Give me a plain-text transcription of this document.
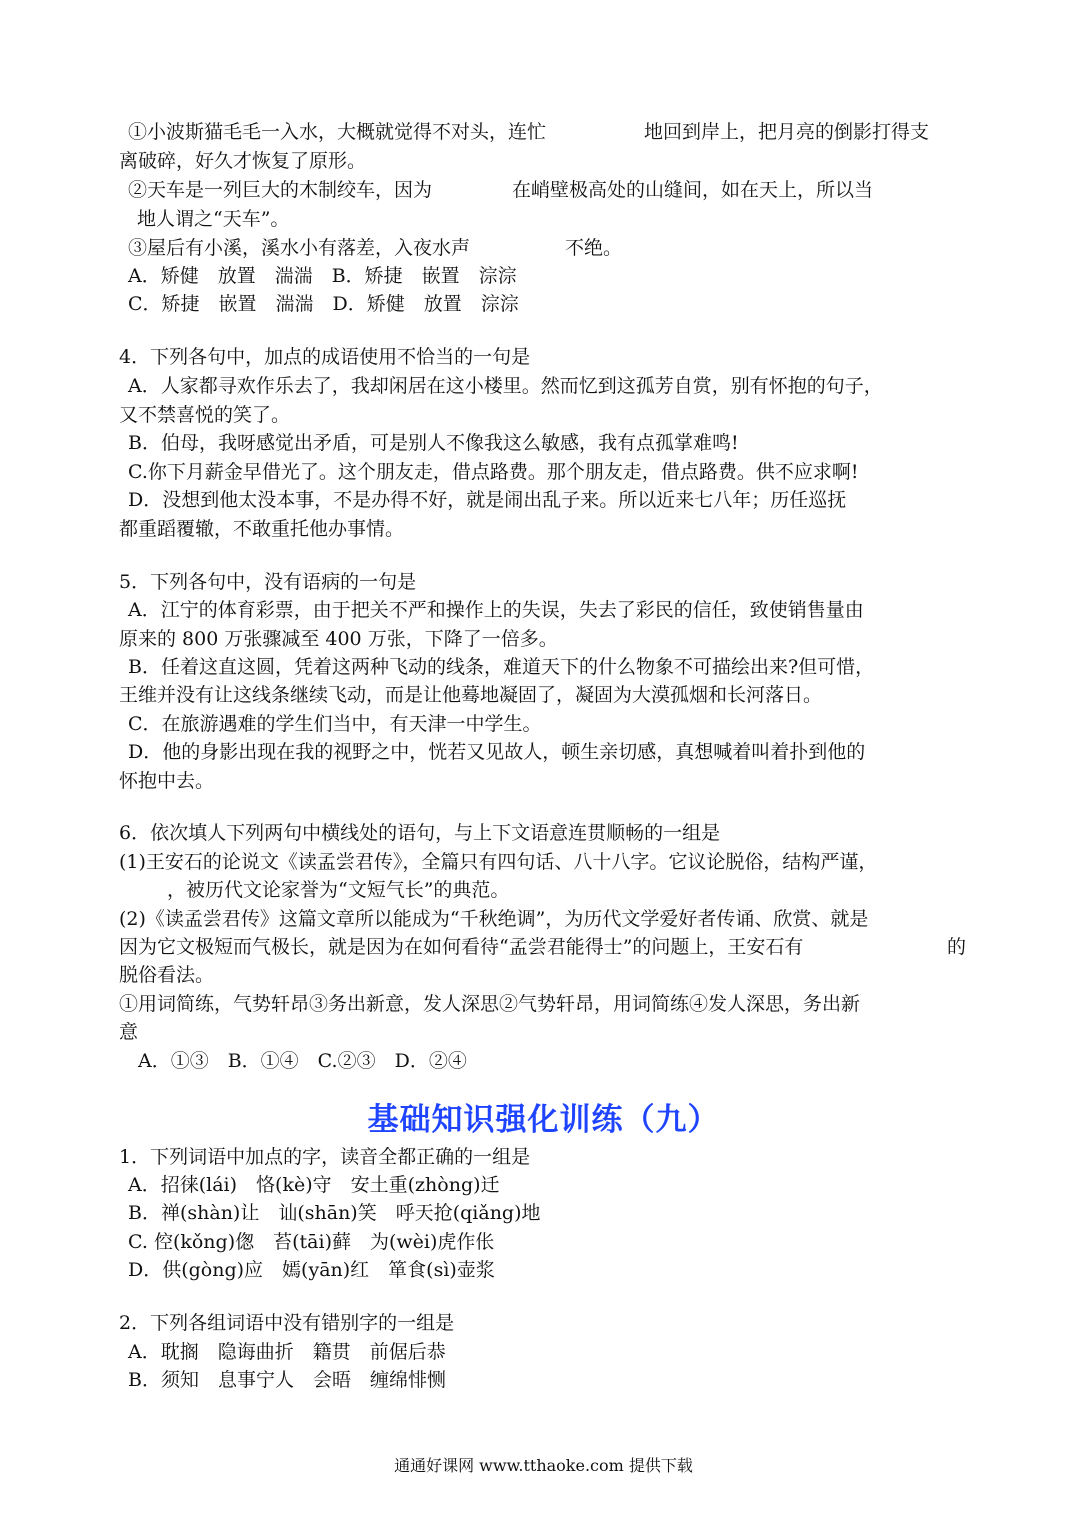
①小波斯猫毛毛一入水，大概就觉得不对头，连忙	地回到岸上，把月亮的倒影打得支
离破碎，好久才恢复了原形。
②天车是一列巨大的木制绞车，因为	在峭壁极高处的山缝间，如在天上，所以当
地人谓之“天车”。
③屋后有小溪，溪水小有落差，入夜水声	不绝。
A．矫健　放置　湍湍　B．矫捷　嵌置　淙淙
C．矫捷　嵌置　湍湍　D．矫健　放置　淙淙
4．下列各句中，加点的成语使用不恰当的一句是
A．人家都寻欢作乐去了，我却闲居在这小楼里。然而忆到这孤芳自赏，别有怀抱的句子，
又不禁喜悦的笑了。
B．伯母，我呀感觉出矛盾，可是别人不像我这么敏感，我有点孤掌难鸣!
C.你下月薪金早借光了。这个朋友走，借点路费。那个朋友走，借点路费。供不应求啊!
D．没想到他太没本事，不是办得不好，就是闹出乱子来。所以近来七八年；历任巡抚
都重蹈覆辙，不敢重托他办事情。
5．下列各句中，没有语病的一句是
A．江宁的体育彩票，由于把关不严和操作上的失误，失去了彩民的信任，致使销售量由
原来的 800 万张骤减至 400 万张，下降了一倍多。
B．任着这直这圆，凭着这两种飞动的线条，难道天下的什么物象不可描绘出来?但可惜，
王维并没有让这线条继续飞动，而是让他蓦地凝固了，凝固为大漠孤烟和长河落日。
C．在旅游遇难的学生们当中，有天津一中学生。
D．他的身影出现在我的视野之中，恍若又见故人，顿生亲切感，真想喊着叫着扑到他的
怀抱中去。
6．依次填人下列两句中横线处的语句，与上下文语意连贯顺畅的一组是
(1)王安石的论说文《读孟尝君传》，全篇只有四句话、八十八字。它议论脱俗，结构严谨，
，被历代文论家誉为“文短气长”的典范。
(2)《读孟尝君传》这篇文章所以能成为“千秋绝调”，为历代文学爱好者传诵、欣赏、就是
因为它文极短而气极长，就是因为在如何看待“孟尝君能得士”的问题上，王安石有	的
脱俗看法。
①用词简练，气势轩昂③务出新意，发人深思②气势轩昂，用词简练④发人深思，务出新
意
A．①③　B．①④　C.②③　D．②④
基础知识强化训练（九）
1．下列词语中加点的字，读音全都正确的一组是
A．招徕(lái)　恪(kè)守　安土重(zhòng)迁
B．禅(shàn)让　讪(shān)笑　呼天抢(qiǎng)地
C. 倥(kǒng)偬　苔(tāi)藓　为(wèi)虎作伥
D．供(gòng)应　嫣(yān)红　箪食(sì)壶浆
2．下列各组词语中没有错别字的一组是
A．耽搁　隐诲曲折　籍贯　前倨后恭
B．须知　息事宁人　会晤　缠绵悱恻
通通好课网 www.tthaoke.com 提供下载
